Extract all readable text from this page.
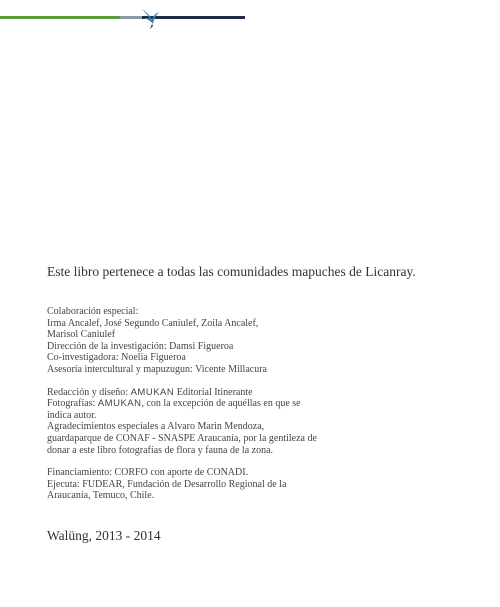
Este libro pertenece a todas las comunidades mapuches de Licanray.

Colaboración especial:

Irma Ancalef, José Segundo Caniulef, Zoila Ancalef,

Marisol Caniulef

Dirección de la investigación: Damsi Figueroa

Co-investigadora: Noelia Figueroa

Asesoría intercultural y mapuzugun: Vicente Millacura

Redacción y diseño: AMUKAN Editorial Itinerante

Fotografías: AMUKAN, con la excepción de aquéllas en que se

indica autor.

Agradecimientos especiales a Alvaro Marin Mendoza,

guardaparque de CONAF - SNASPE Araucanía, por la gentileza de

donar a este libro fotografías de flora y fauna de la zona.

Financiamiento: CORFO con aporte de CONADI.

Ejecuta: FUDEAR, Fundación de Desarrollo Regional de la

Araucanía, Temuco, Chile.

Walüng, 2013 - 2014
